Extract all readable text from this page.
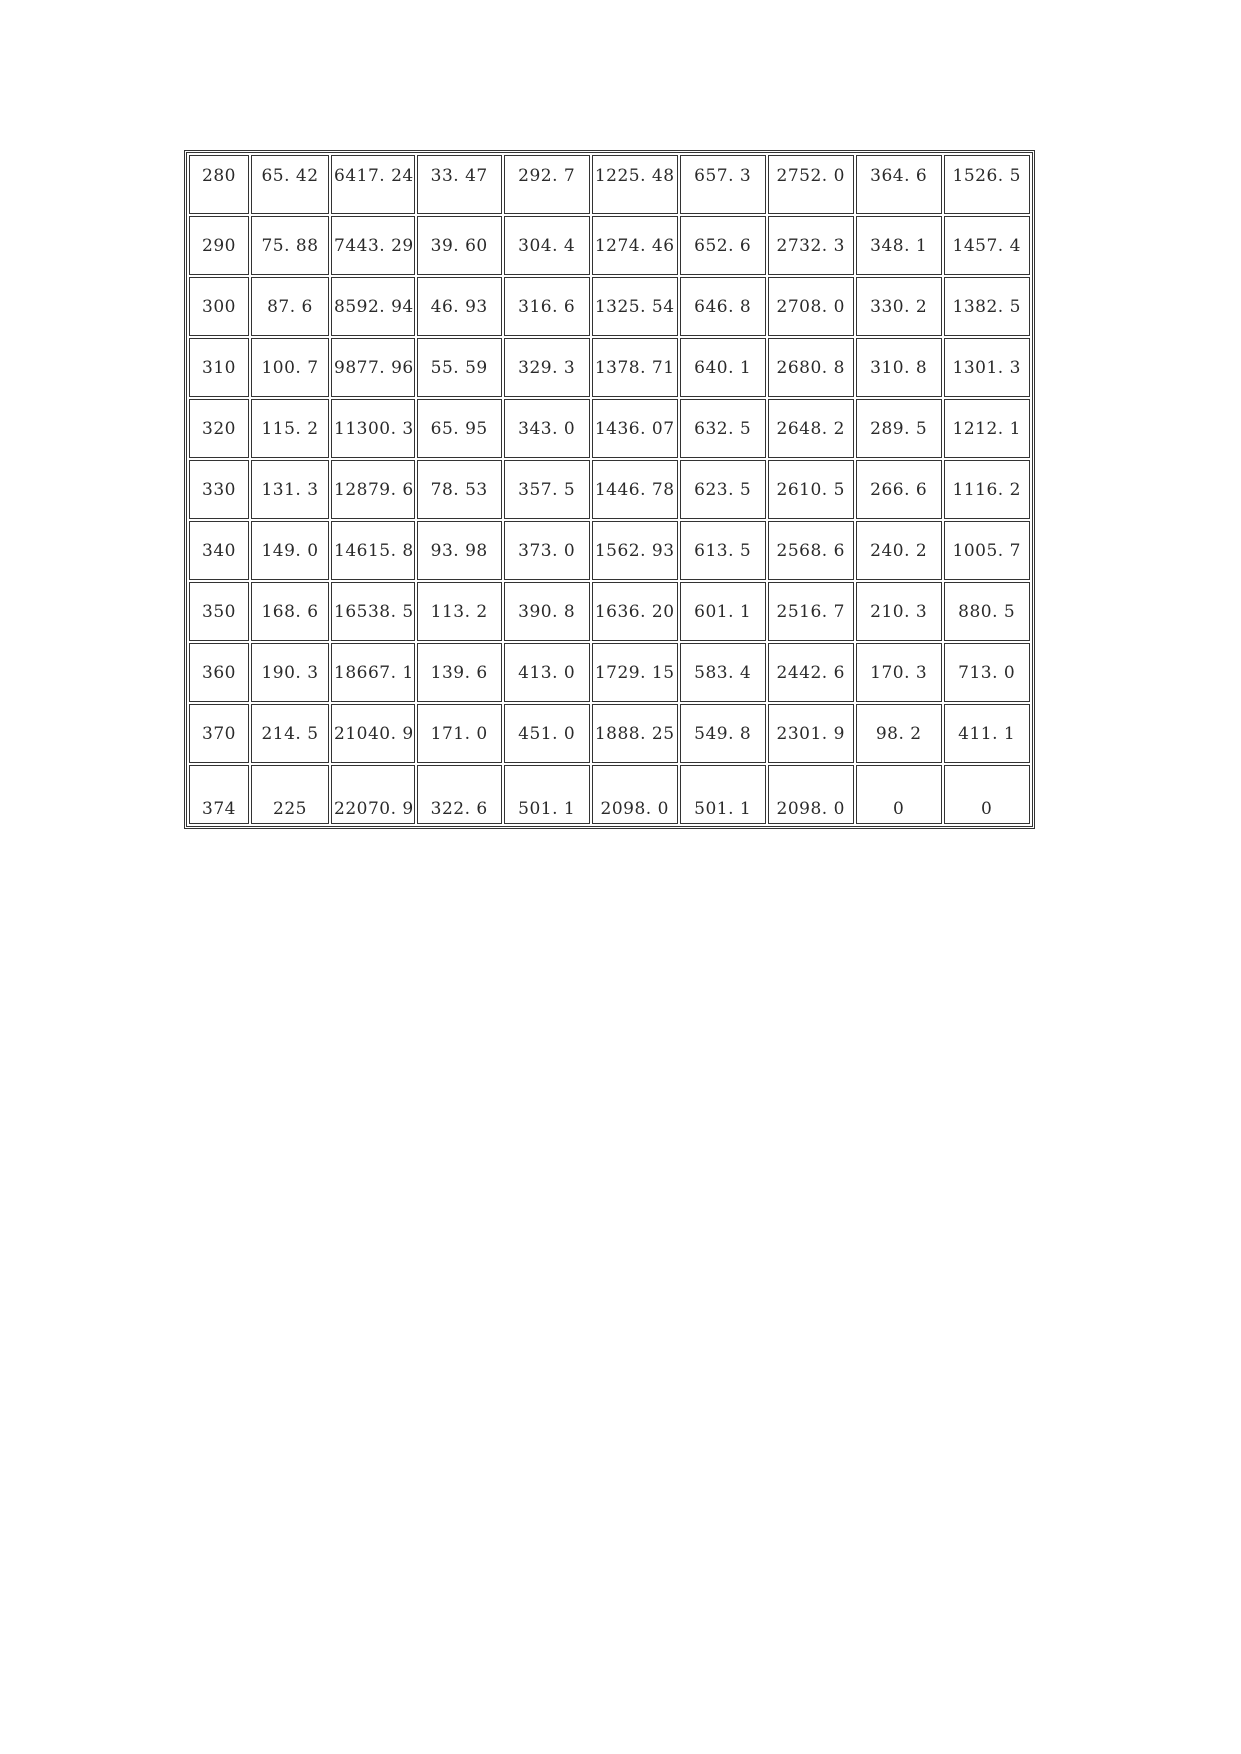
280	65. 42	6417. 24	33. 47	292. 7	1225. 48	657. 3	2752. 0	364. 6	1526. 5
290	75. 88	7443. 29	39. 60	304. 4	1274. 46	652. 6	2732. 3	348. 1	1457. 4
300	87. 6	8592. 94	46. 93	316. 6	1325. 54	646. 8	2708. 0	330. 2	1382. 5
310	100. 7	9877. 96	55. 59	329. 3	1378. 71	640. 1	2680. 8	310. 8	1301. 3
320	115. 2	11300. 3	65. 95	343. 0	1436. 07	632. 5	2648. 2	289. 5	1212. 1
330	131. 3	12879. 6	78. 53	357. 5	1446. 78	623. 5	2610. 5	266. 6	1116. 2
340	149. 0	14615. 8	93. 98	373. 0	1562. 93	613. 5	2568. 6	240. 2	1005. 7
350	168. 6	16538. 5	113. 2	390. 8	1636. 20	601. 1	2516. 7	210. 3	880. 5
360	190. 3	18667. 1	139. 6	413. 0	1729. 15	583. 4	2442. 6	170. 3	713. 0
370	214. 5	21040. 9	171. 0	451. 0	1888. 25	549. 8	2301. 9	98. 2	411. 1
374	225	22070. 9	322. 6	501. 1	2098. 0	501. 1	2098. 0	0	0
